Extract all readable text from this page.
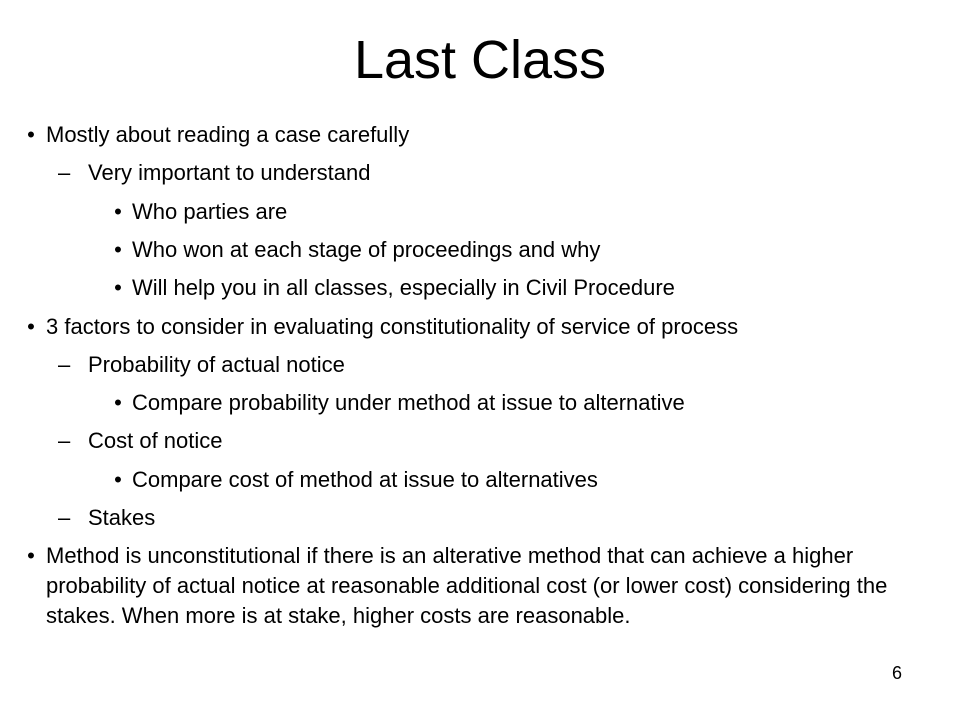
Last Class
• Mostly about reading a case carefully
– Very important to understand
• Who parties are
• Who won at each stage of proceedings and why
• Will help you in all classes, especially in Civil Procedure
• 3 factors to consider in evaluating constitutionality of service of process
– Probability of actual notice
• Compare probability under method at issue to alternative
– Cost of notice
• Compare cost of method at issue to alternatives
– Stakes
• Method is unconstitutional if there is an alterative method that can achieve a higher probability of actual notice at reasonable additional cost (or lower cost) considering the stakes. When more is at stake, higher costs are reasonable.
6
